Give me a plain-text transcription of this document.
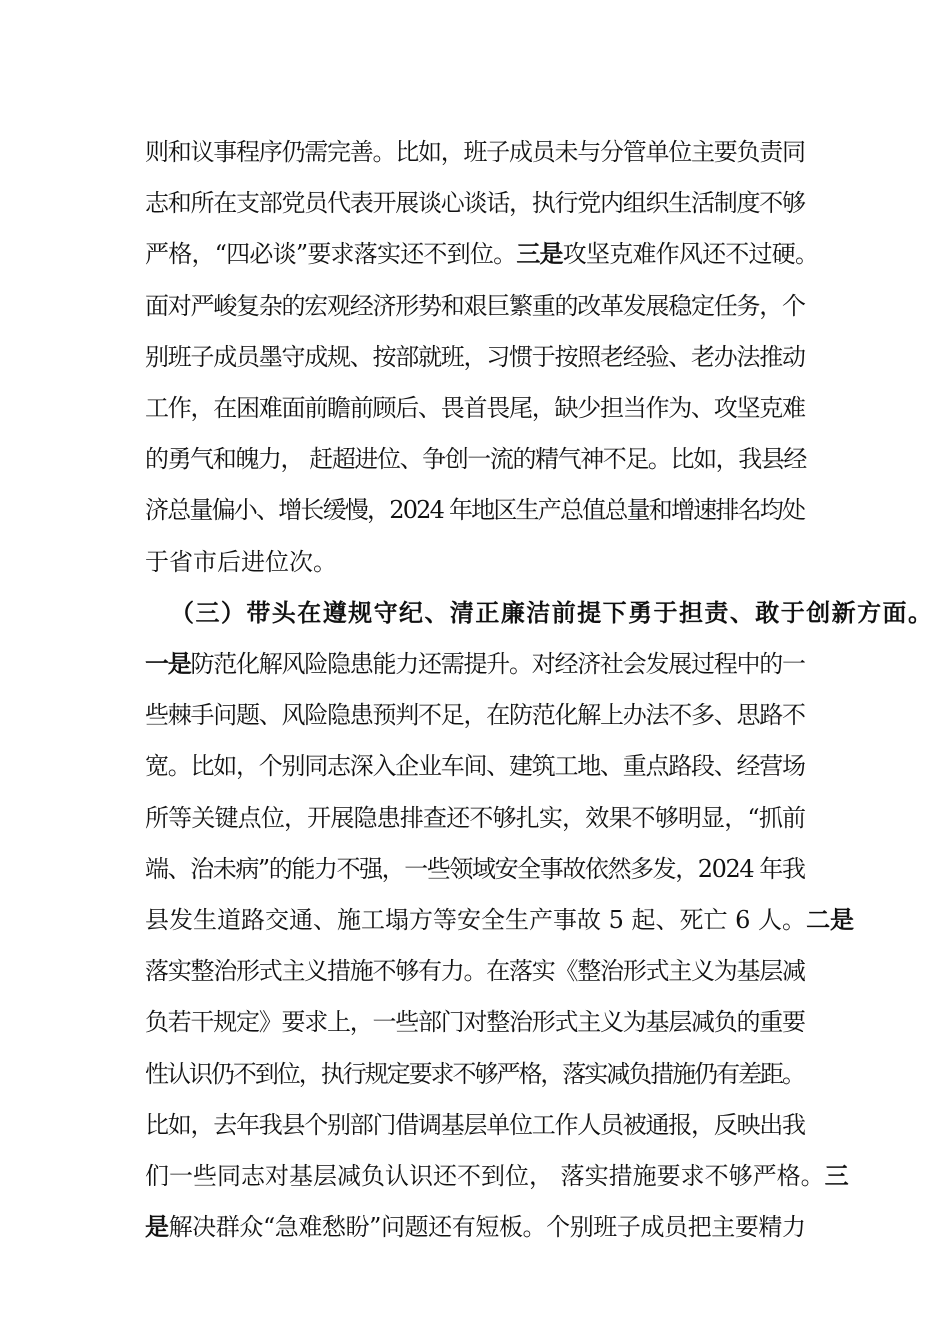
则和议事程序仍需完善。比如，班子成员未与分管单位主要负责同
志和所在支部党员代表开展谈心谈话，执行党内组织生活制度不够
严格，“四必谈”要求落实还不到位。三是攻坚克难作风还不过硬。
面对严峻复杂的宏观经济形势和艰巨繁重的改革发展稳定任务，个
别班子成员墨守成规、按部就班，习惯于按照老经验、老办法推动
工作，在困难面前瞻前顾后、畏首畏尾，缺少担当作为、攻坚克难
的勇气和魄力， 赶超进位、争创一流的精气神不足。比如，我县经
济总量偏小、增长缓慢，2024 年地区生产总值总量和增速排名均处
于省市后进位次。
（三）带头在遵规守纪、清正廉洁前提下勇于担责、敢于创新方面。
一是防范化解风险隐患能力还需提升。对经济社会发展过程中的一
些棘手问题、风险隐患预判不足，在防范化解上办法不多、思路不
宽。比如，个别同志深入企业车间、建筑工地、重点路段、经营场
所等关键点位，开展隐患排查还不够扎实，效果不够明显，“抓前
端、治未病”的能力不强，一些领域安全事故依然多发，2024 年我
县发生道路交通、施工塌方等安全生产事故 5 起、死亡 6 人。二是
落实整治形式主义措施不够有力。在落实《整治形式主义为基层减
负若干规定》要求上，一些部门对整治形式主义为基层减负的重要
性认识仍不到位，执行规定要求不够严格，落实减负措施仍有差距。
比如，去年我县个别部门借调基层单位工作人员被通报，反映出我
们一些同志对基层减负认识还不到位， 落实措施要求不够严格。三
是解决群众“急难愁盼”问题还有短板。个别班子成员把主要精力
